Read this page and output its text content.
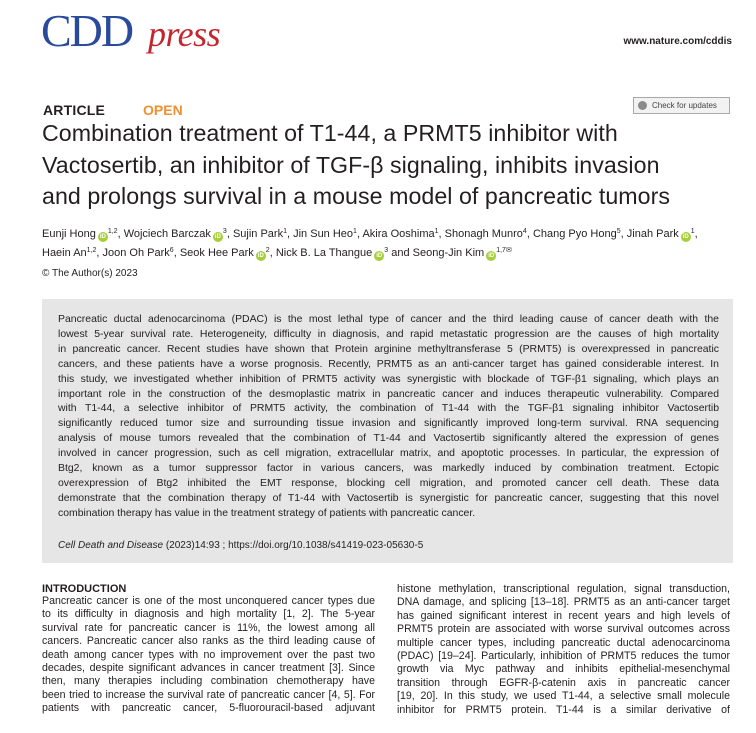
CDD press	www.nature.com/cddis
ARTICLE	OPEN	Check for updates
Combination treatment of T1-44, a PRMT5 inhibitor with
Vactosertib, an inhibitor of TGF-β signaling, inhibits invasion
and prolongs survival in a mouse model of pancreatic tumors
Eunji Hong iD$^{1,2}$, Wojciech Barczak $iD^3$, Sujin Park$^1$, Jin Sun Heo$^1$, Akira Ooshima$^1$, Shonagh Munro$^4$, Chang Pyo Hong$^5$, Jinah Park $iD^1$,
Haein An$^{1,2}$, Joon Oh Park$^6$, Seok Hee Park $iD^2$, Nick B. La Thangue $iD^3$ and Seong-Jin Kim $iD^{1,7✉}$
© The Author(s) 2023
Pancreatic ductal adenocarcinoma (PDAC) is the most lethal type of cancer and the third leading cause of cancer death with the
lowest 5-year survival rate. Heterogeneity, difficulty in diagnosis, and rapid metastatic progression are the causes of high mortality
in pancreatic cancer. Recent studies have shown that Protein arginine methyltransferase 5 (PRMT5) is overexpressed in pancreatic
cancers, and these patients have a worse prognosis. Recently, PRMT5 as an anti-cancer target has gained considerable interest. In
this study, we investigated whether inhibition of PRMT5 activity was synergistic with blockade of TGF-β1 signaling, which plays an
important role in the construction of the desmoplastic matrix in pancreatic cancer and induces therapeutic vulnerability. Compared
with T1-44, a selective inhibitor of PRMT5 activity, the combination of T1-44 with the TGF-β1 signaling inhibitor Vactosertib
significantly reduced tumor size and surrounding tissue invasion and significantly improved long-term survival. RNA sequencing
analysis of mouse tumors revealed that the combination of T1-44 and Vactosertib significantly altered the expression of genes
involved in cancer progression, such as cell migration, extracellular matrix, and apoptotic processes. In particular, the expression of
Btg2, known as a tumor suppressor factor in various cancers, was markedly induced by combination treatment. Ectopic
overexpression of Btg2 inhibited the EMT response, blocking cell migration, and promoted cancer cell death. These data
demonstrate that the combination therapy of T1-44 with Vactosertib is synergistic for pancreatic cancer, suggesting that this novel
combination therapy has value in the treatment strategy of patients with pancreatic cancer.
Cell Death and Disease (2023)14:93 ; https://doi.org/10.1038/s41419-023-05630-5
INTRODUCTION
Pancreatic cancer is one of the most unconquered cancer types due
to its difficulty in diagnosis and high mortality [1, 2]. The 5-year
survival rate for pancreatic cancer is 11%, the lowest among all
cancers. Pancreatic cancer also ranks as the third leading cause of
death among cancer types with no improvement over the past two
decades, despite significant advances in cancer treatment [3]. Since
then, many therapies including combination chemotherapy have
been tried to increase the survival rate of pancreatic cancer [4, 5]. For
patients with pancreatic cancer, 5-fluorouracil-based adjuvant
histone methylation, transcriptional regulation, signal transduction,
DNA damage, and splicing [13–18]. PRMT5 as an anti-cancer target
has gained significant interest in recent years and high levels of
PRMT5 protein are associated with worse survival outcomes across
multiple cancer types, including pancreatic ductal adenocarcinoma
(PDAC) [19–24]. Particularly, inhibition of PRMT5 reduces the tumor
growth via Myc pathway and inhibits epithelial-mesenchymal
transition through EGFR-β-catenin axis in pancreatic cancer
[19, 20]. In this study, we used T1-44, a selective small molecule
inhibitor for PRMT5 protein. T1-44 is a similar derivative of
